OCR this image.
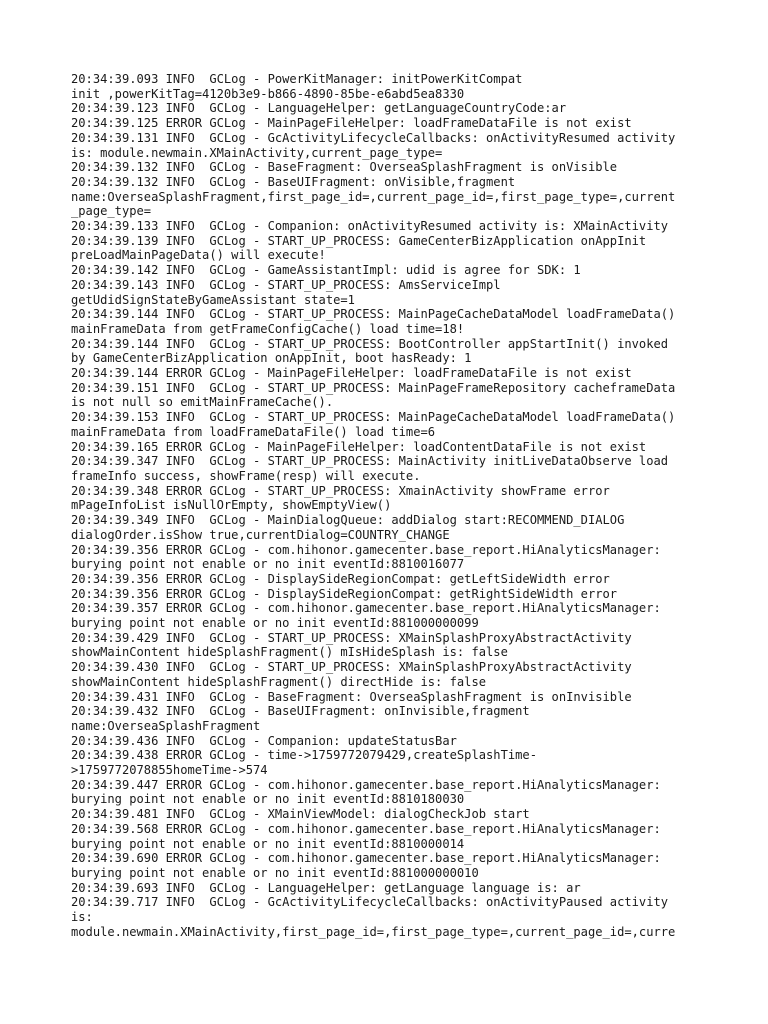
20:34:39.093 INFO  GCLog - PowerKitManager: initPowerKitCompat
init ,powerKitTag=4120b3e9-b866-4890-85be-e6abd5ea8330
20:34:39.123 INFO  GCLog - LanguageHelper: getLanguageCountryCode:ar
20:34:39.125 ERROR GCLog - MainPageFileHelper: loadFrameDataFile is not exist
20:34:39.131 INFO  GCLog - GcActivityLifecycleCallbacks: onActivityResumed activity
is: module.newmain.XMainActivity,current_page_type=
20:34:39.132 INFO  GCLog - BaseFragment: OverseaSplashFragment is onVisible
20:34:39.132 INFO  GCLog - BaseUIFragment: onVisible,fragment
name:OverseaSplashFragment,first_page_id=,current_page_id=,first_page_type=,current
_page_type=
20:34:39.133 INFO  GCLog - Companion: onActivityResumed activity is: XMainActivity
20:34:39.139 INFO  GCLog - START_UP_PROCESS: GameCenterBizApplication onAppInit
preLoadMainPageData() will execute!
20:34:39.142 INFO  GCLog - GameAssistantImpl: udid is agree for SDK: 1
20:34:39.143 INFO  GCLog - START_UP_PROCESS: AmsServiceImpl
getUdidSignStateByGameAssistant state=1
20:34:39.144 INFO  GCLog - START_UP_PROCESS: MainPageCacheDataModel loadFrameData()
mainFrameData from getFrameConfigCache() load time=18!
20:34:39.144 INFO  GCLog - START_UP_PROCESS: BootController appStartInit() invoked
by GameCenterBizApplication onAppInit, boot hasReady: 1
20:34:39.144 ERROR GCLog - MainPageFileHelper: loadFrameDataFile is not exist
20:34:39.151 INFO  GCLog - START_UP_PROCESS: MainPageFrameRepository cacheframeData
is not null so emitMainFrameCache().
20:34:39.153 INFO  GCLog - START_UP_PROCESS: MainPageCacheDataModel loadFrameData()
mainFrameData from loadFrameDataFile() load time=6
20:34:39.165 ERROR GCLog - MainPageFileHelper: loadContentDataFile is not exist
20:34:39.347 INFO  GCLog - START_UP_PROCESS: MainActivity initLiveDataObserve load
frameInfo success, showFrame(resp) will execute.
20:34:39.348 ERROR GCLog - START_UP_PROCESS: XmainActivity showFrame error
mPageInfoList isNullOrEmpty, showEmptyView()
20:34:39.349 INFO  GCLog - MainDialogQueue: addDialog start:RECOMMEND_DIALOG
dialogOrder.isShow true,currentDialog=COUNTRY_CHANGE
20:34:39.356 ERROR GCLog - com.hihonor.gamecenter.base_report.HiAnalyticsManager:
burying point not enable or no init eventId:8810016077
20:34:39.356 ERROR GCLog - DisplaySideRegionCompat: getLeftSideWidth error
20:34:39.356 ERROR GCLog - DisplaySideRegionCompat: getRightSideWidth error
20:34:39.357 ERROR GCLog - com.hihonor.gamecenter.base_report.HiAnalyticsManager:
burying point not enable or no init eventId:881000000099
20:34:39.429 INFO  GCLog - START_UP_PROCESS: XMainSplashProxyAbstractActivity
showMainContent hideSplashFragment() mIsHideSplash is: false
20:34:39.430 INFO  GCLog - START_UP_PROCESS: XMainSplashProxyAbstractActivity
showMainContent hideSplashFragment() directHide is: false
20:34:39.431 INFO  GCLog - BaseFragment: OverseaSplashFragment is onInvisible
20:34:39.432 INFO  GCLog - BaseUIFragment: onInvisible,fragment
name:OverseaSplashFragment
20:34:39.436 INFO  GCLog - Companion: updateStatusBar
20:34:39.438 ERROR GCLog - time->1759772079429,createSplashTime-
>1759772078855homeTime->574
20:34:39.447 ERROR GCLog - com.hihonor.gamecenter.base_report.HiAnalyticsManager:
burying point not enable or no init eventId:8810180030
20:34:39.481 INFO  GCLog - XMainViewModel: dialogCheckJob start
20:34:39.568 ERROR GCLog - com.hihonor.gamecenter.base_report.HiAnalyticsManager:
burying point not enable or no init eventId:8810000014
20:34:39.690 ERROR GCLog - com.hihonor.gamecenter.base_report.HiAnalyticsManager:
burying point not enable or no init eventId:881000000010
20:34:39.693 INFO  GCLog - LanguageHelper: getLanguage language is: ar
20:34:39.717 INFO  GCLog - GcActivityLifecycleCallbacks: onActivityPaused activity
is:
module.newmain.XMainActivity,first_page_id=,first_page_type=,current_page_id=,curre
